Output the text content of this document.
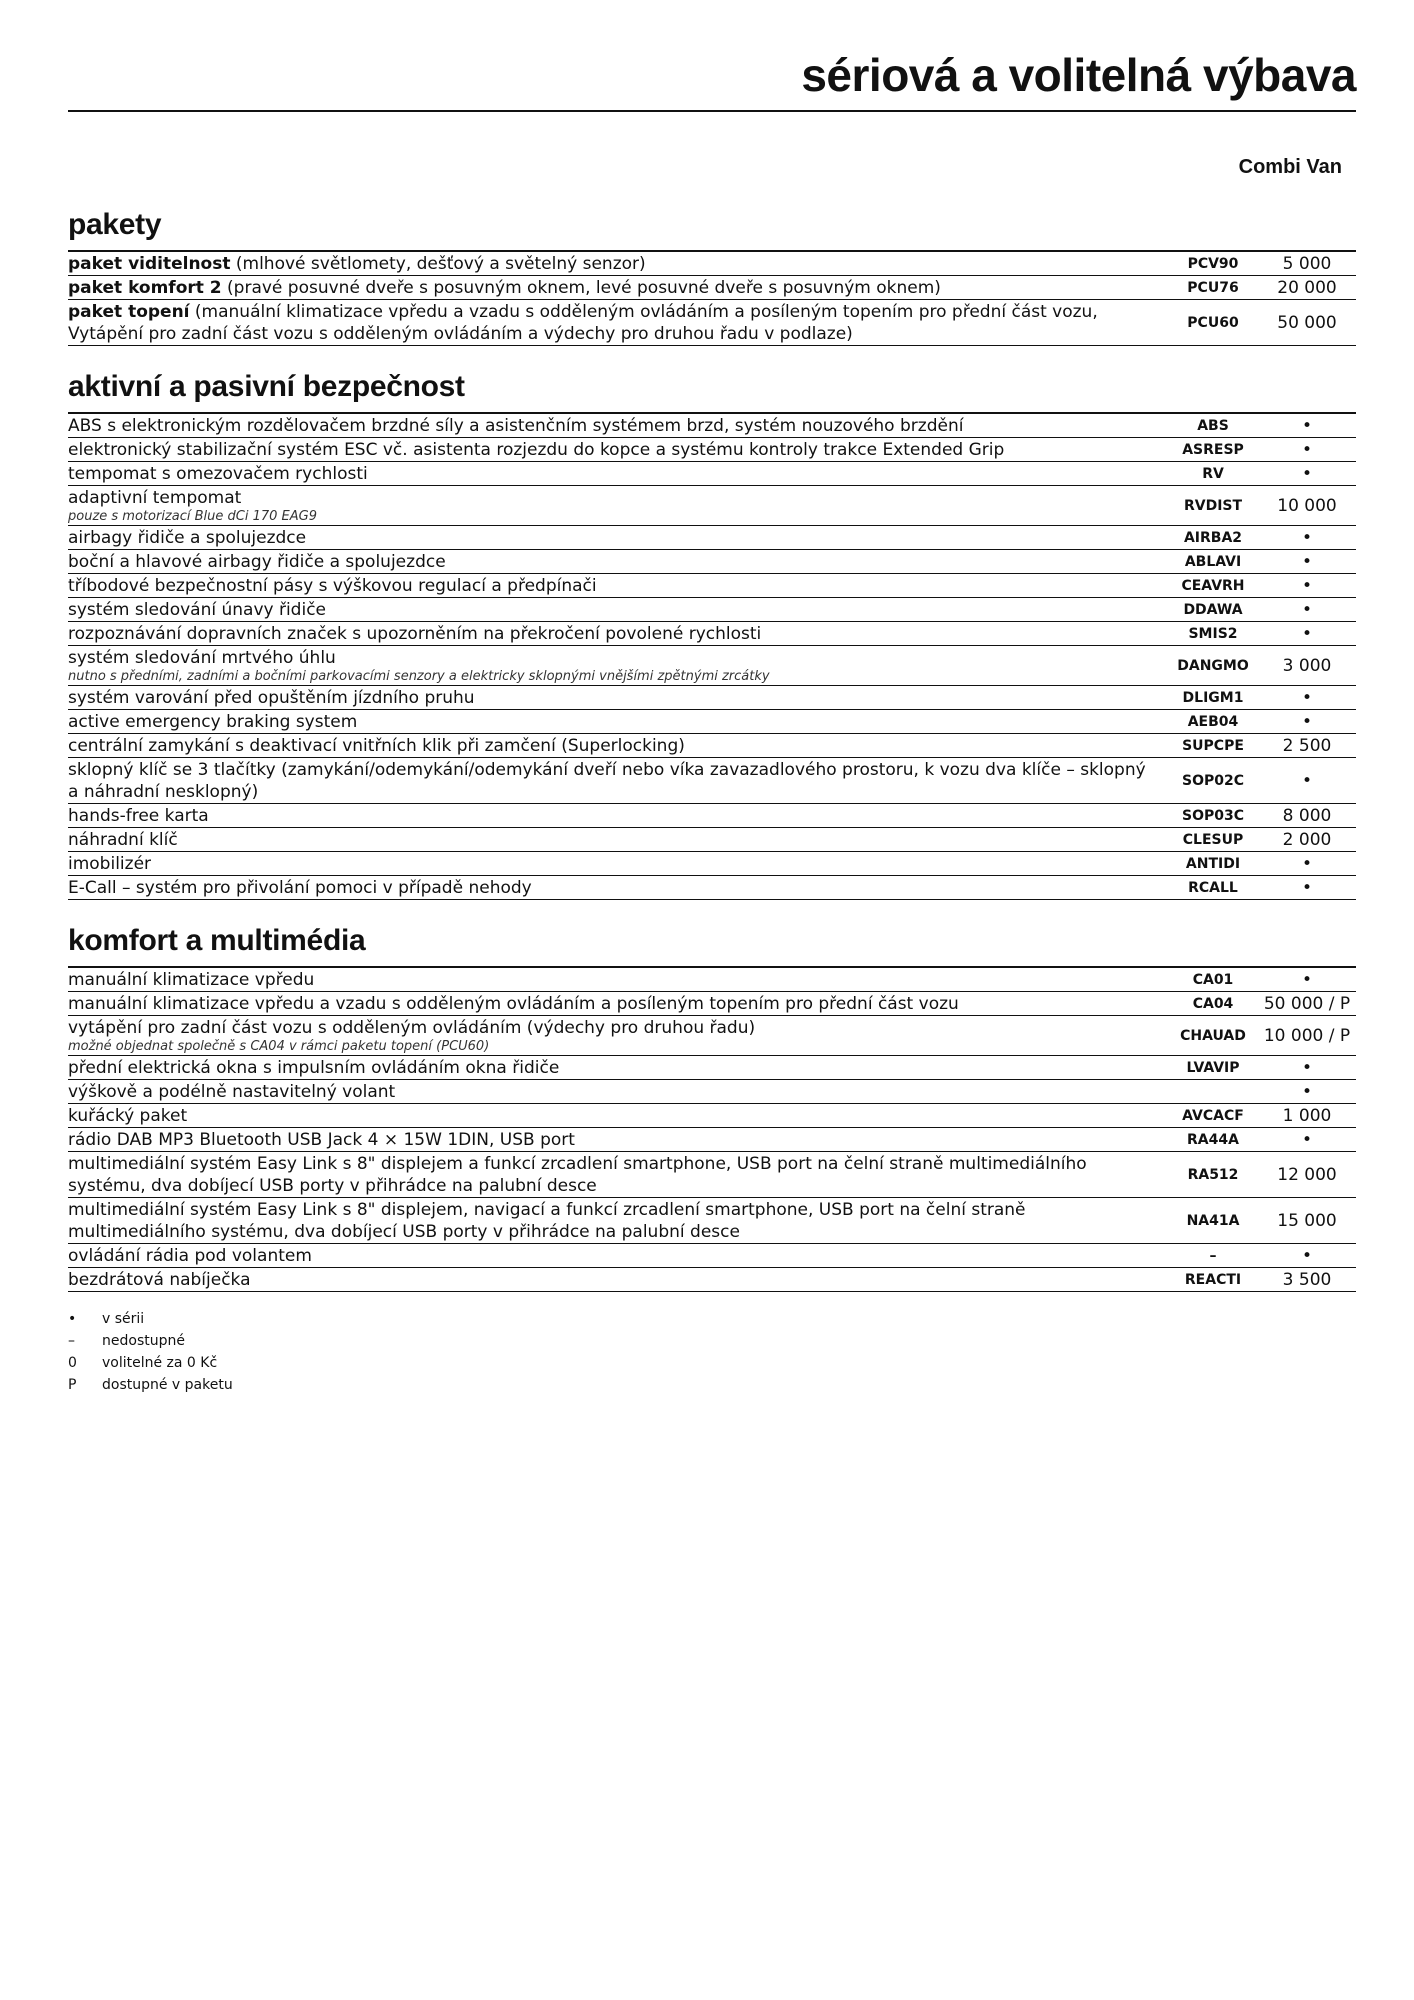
sériová a volitelná výbava
Combi Van
pakety
paket viditelnost (mlhové světlomety, dešťový a světelný senzor)	PCV90	5 000
paket komfort 2 (pravé posuvné dveře s posuvným oknem, levé posuvné dveře s posuvným oknem)	PCU76	20 000
paket topení (manuální klimatizace vpředu a vzadu s odděleným ovládáním a posíleným topením pro přední část vozu, Vytápění pro zadní část vozu s odděleným ovládáním a výdechy pro druhou řadu v podlaze)	PCU60	50 000
aktivní a pasivní bezpečnost
ABS s elektronickým rozdělovačem brzdné síly a asistenčním systémem brzd, systém nouzového brzdění	ABS	•
elektronický stabilizační systém ESC vč. asistenta rozjezdu do kopce a systému kontroly trakce Extended Grip	ASRESP	•
tempomat s omezovačem rychlosti	RV	•
adaptivní tempomat
pouze s motorizací Blue dCi 170 EAG9	RVDIST	10 000
airbagy řidiče a spolujezdce	AIRBA2	•
boční a hlavové airbagy řidiče a spolujezdce	ABLAVI	•
tříbodové bezpečnostní pásy s výškovou regulací a předpínači	CEAVRH	•
systém sledování únavy řidiče	DDAWA	•
rozpoznávání dopravních značek s upozorněním na překročení povolené rychlosti	SMIS2	•
systém sledování mrtvého úhlu
nutno s předními, zadními a bočními parkovacími senzory a elektricky sklopnými vnějšími zpětnými zrcátky	DANGMO	3 000
systém varování před opuštěním jízdního pruhu	DLIGM1	•
active emergency braking system	AEB04	•
centrální zamykání s deaktivací vnitřních klik při zamčení (Superlocking)	SUPCPE	2 500
sklopný klíč se 3 tlačítky (zamykání/odemykání/odemykání dveří nebo víka zavazadlového prostoru, k vozu dva klíče – sklopný a náhradní nesklopný)	SOP02C	•
hands-free karta	SOP03C	8 000
náhradní klíč	CLESUP	2 000
imobilizér	ANTIDI	•
E-Call – systém pro přivolání pomoci v případě nehody	RCALL	•
komfort a multimédia
manuální klimatizace vpředu	CA01	•
manuální klimatizace vpředu a vzadu s odděleným ovládáním a posíleným topením pro přední část vozu	CA04	50 000 / P
vytápění pro zadní část vozu s odděleným ovládáním (výdechy pro druhou řadu)
možné objednat společně s CA04 v rámci paketu topení (PCU60)	CHAUAD	10 000 / P
přední elektrická okna s impulsním ovládáním okna řidiče	LVAVIP	•
výškově a podélně nastavitelný volant		•
kuřácký paket	AVCACF	1 000
rádio DAB MP3 Bluetooth USB Jack 4 × 15W 1DIN, USB port	RA44A	•
multimediální systém Easy Link s 8" displejem a funkcí zrcadlení smartphone, USB port na čelní straně multimediálního systému, dva dobíjecí USB porty v přihrádce na palubní desce	RA512	12 000
multimediální systém Easy Link s 8" displejem, navigací a funkcí zrcadlení smartphone, USB port na čelní straně multimediálního systému, dva dobíjecí USB porty v přihrádce na palubní desce	NA41A	15 000
ovládání rádia pod volantem	–	•
bezdrátová nabíječka	REACTI	3 500
•	v sérii
–	nedostupné
0	volitelné za 0 Kč
P	dostupné v paketu
